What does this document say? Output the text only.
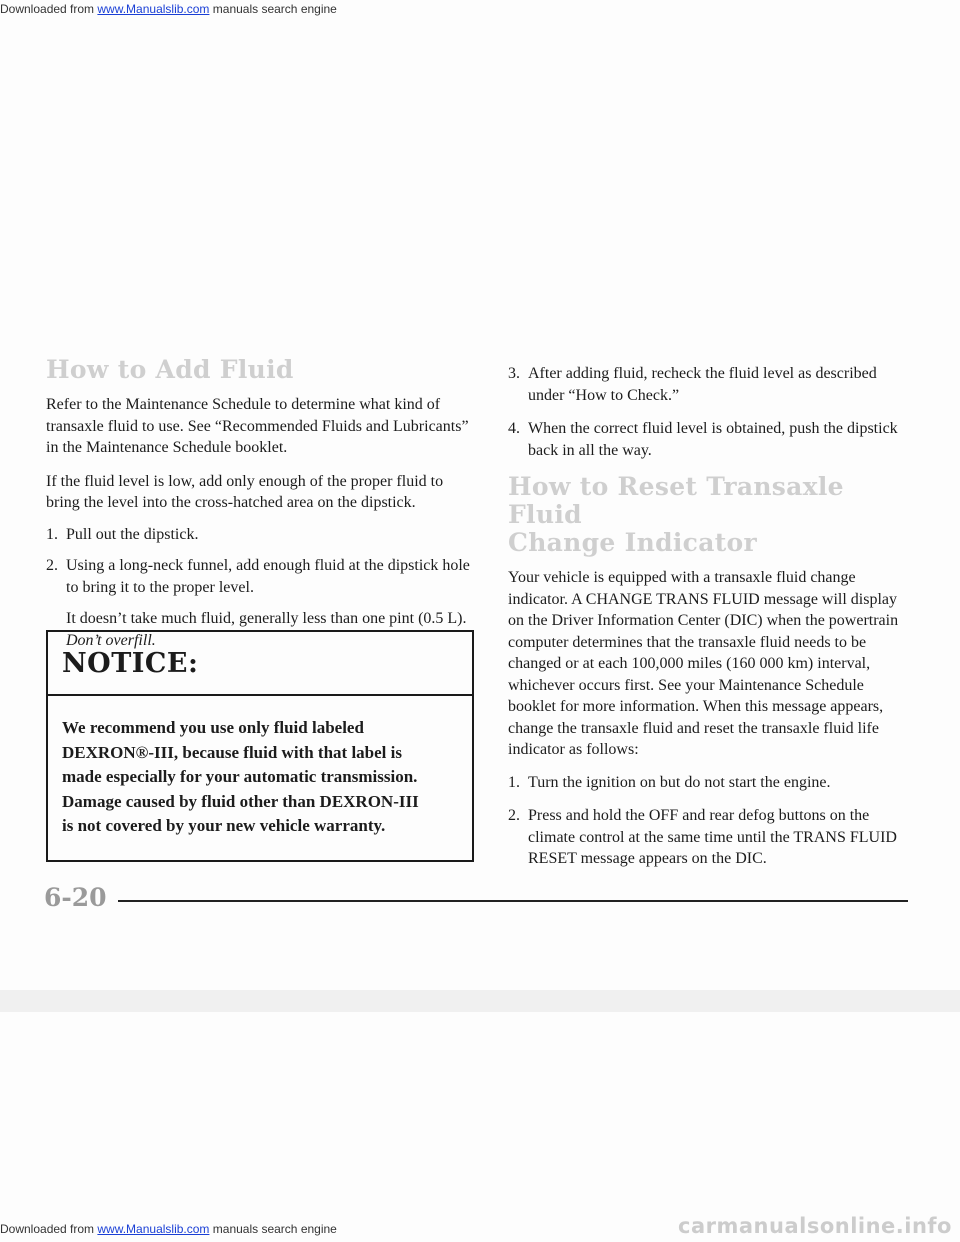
Downloaded from www.Manualslib.com manuals search engine
How to Add Fluid

Refer to the Maintenance Schedule to determine what kind of transaxle fluid to use. See “Recommended Fluids and Lubricants” in the Maintenance Schedule booklet.

If the fluid level is low, add only enough of the proper fluid to bring the level into the cross-hatched area on the dipstick.

1. Pull out the dipstick.
2. Using a long-neck funnel, add enough fluid at the dipstick hole to bring it to the proper level.

It doesn’t take much fluid, generally less than one pint (0.5 L). Don’t overfill.

NOTICE:
We recommend you use only fluid labeled DEXRON®-III, because fluid with that label is made especially for your automatic transmission. Damage caused by fluid other than DEXRON-III is not covered by your new vehicle warranty.
3. After adding fluid, recheck the fluid level as described under “How to Check.”
4. When the correct fluid level is obtained, push the dipstick back in all the way.
How to Reset Transaxle Fluid
Change Indicator

Your vehicle is equipped with a transaxle fluid change indicator. A CHANGE TRANS FLUID message will display on the Driver Information Center (DIC) when the powertrain computer determines that the transaxle fluid needs to be changed or at each 100,000 miles (160 000 km) interval, whichever occurs first. See your Maintenance Schedule booklet for more information. When this message appears, change the transaxle fluid and reset the transaxle fluid life indicator as follows:

1. Turn the ignition on but do not start the engine.
2. Press and hold the OFF and rear defog buttons on the climate control at the same time until the TRANS FLUID RESET message appears on the DIC.
6-20
Downloaded from www.Manualslib.com manuals search engine	carmanualsonline.info
